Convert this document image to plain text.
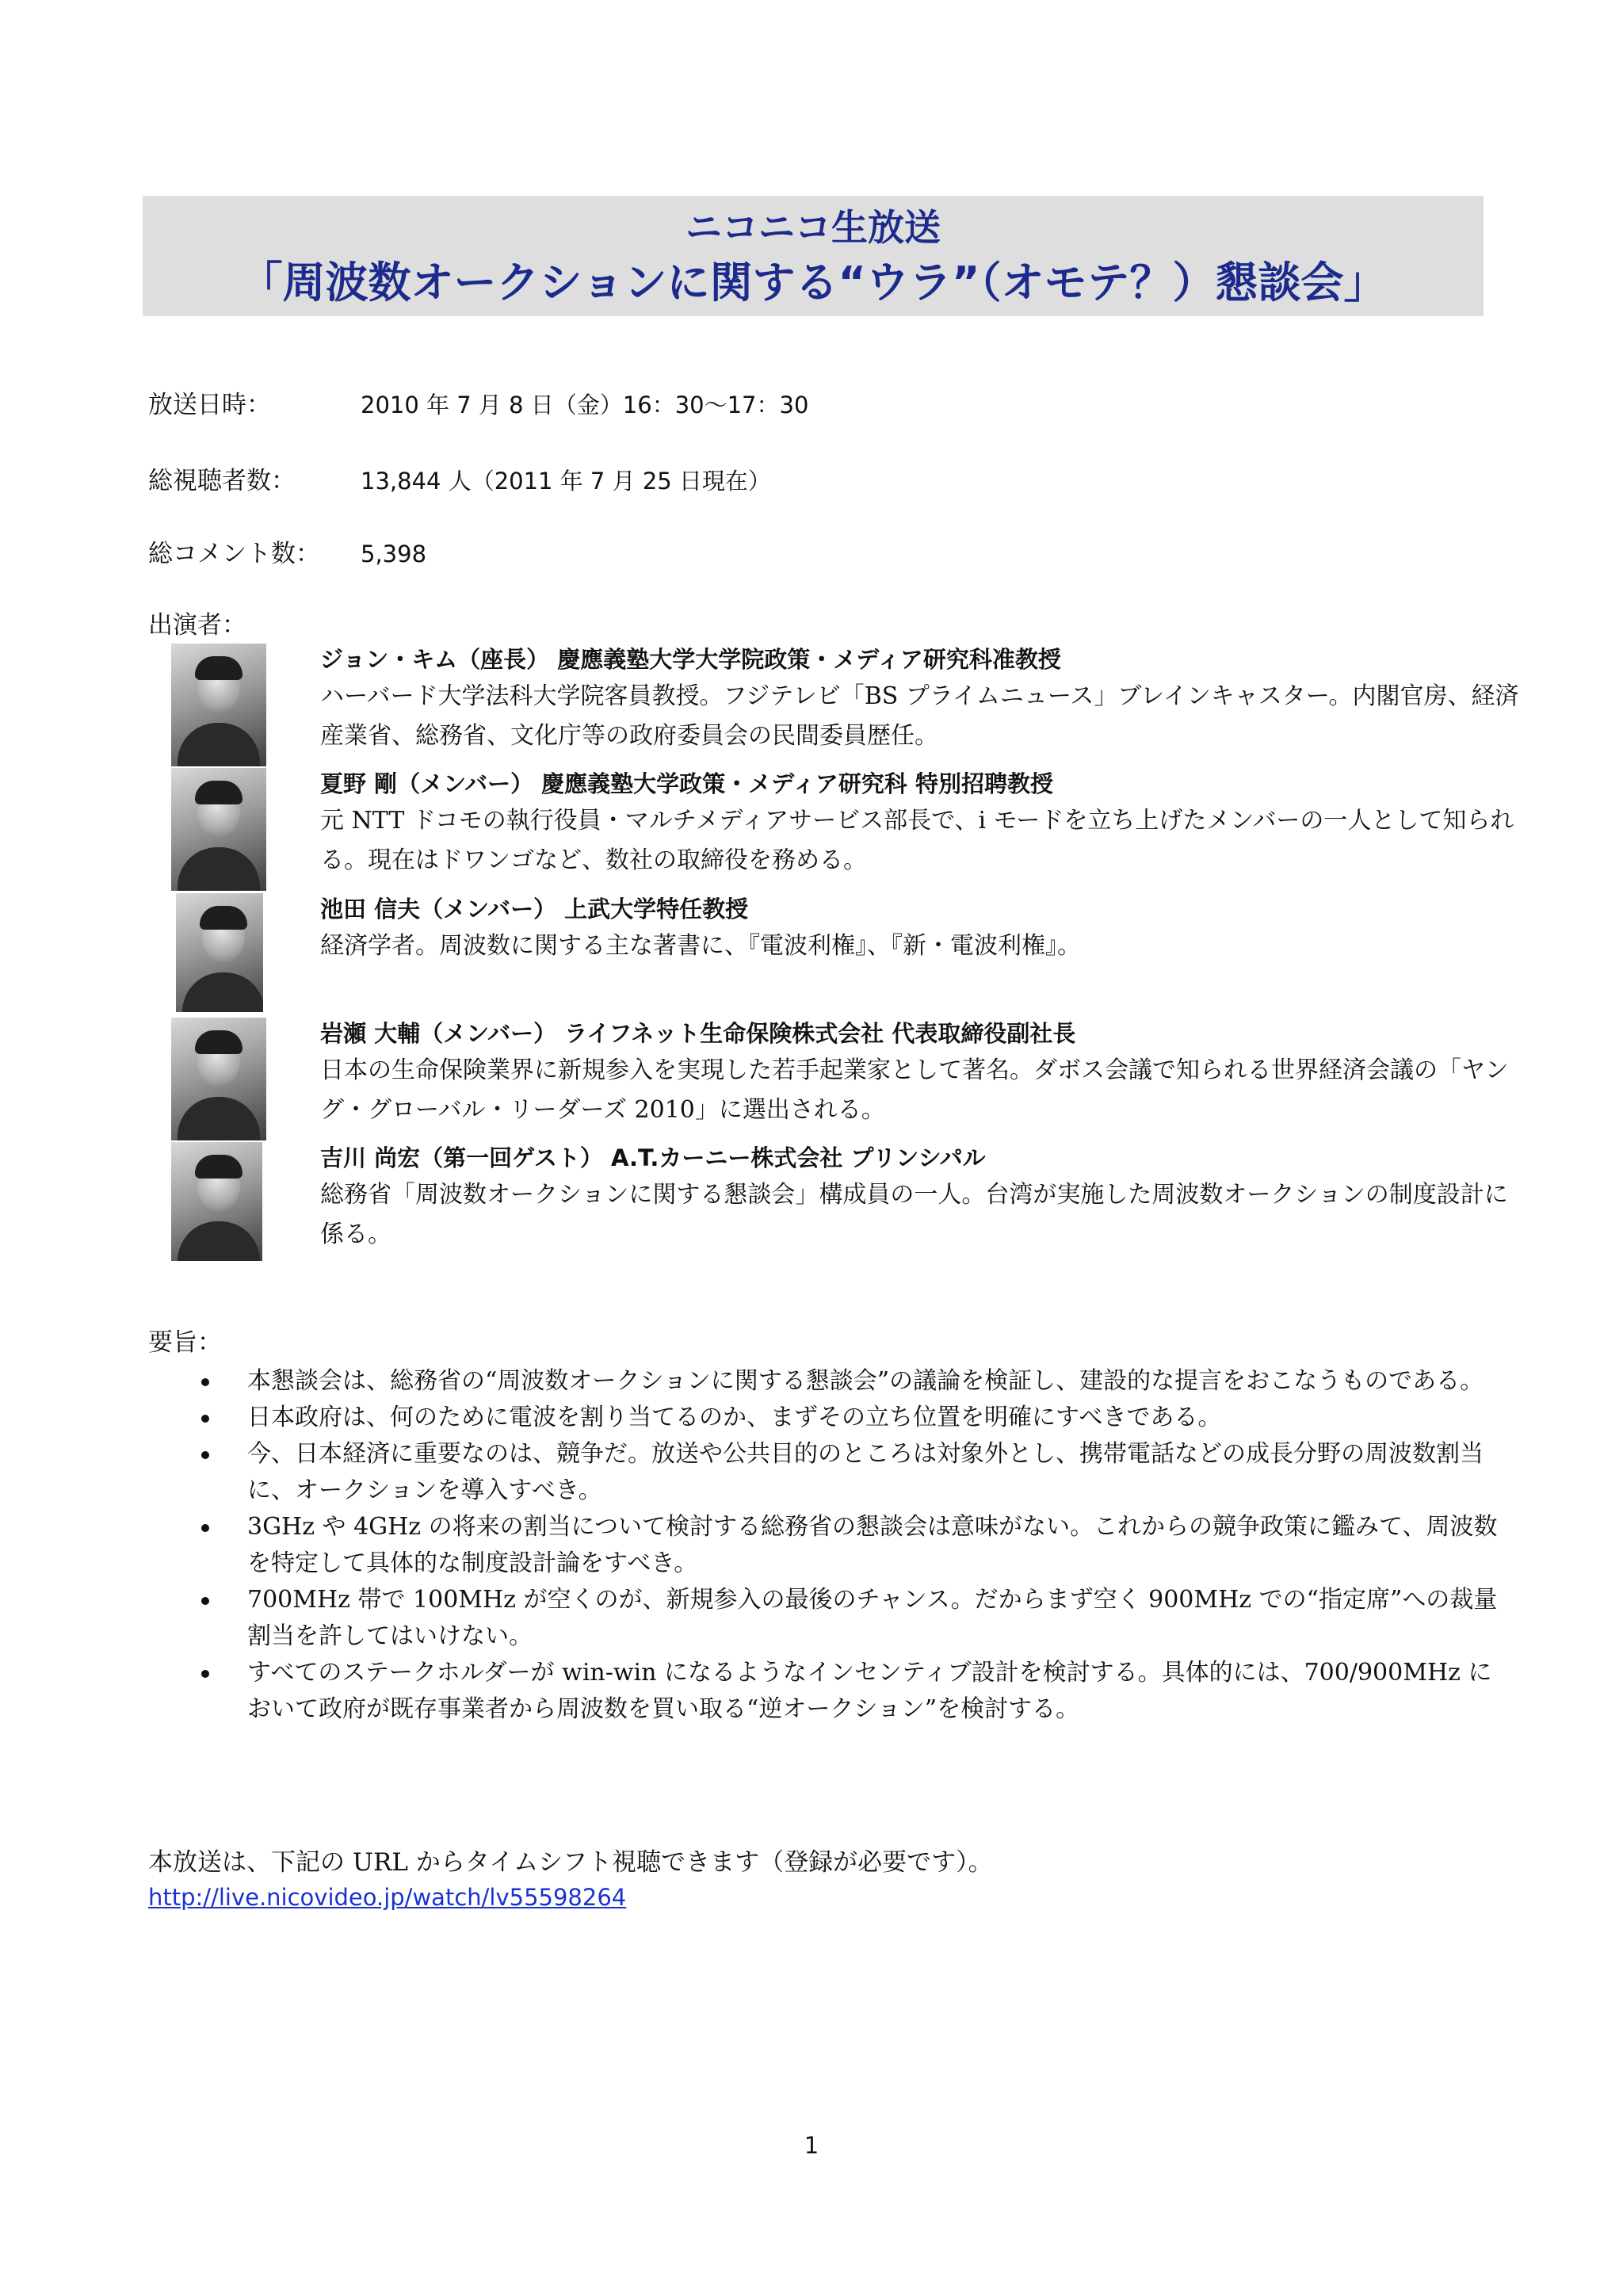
ニコニコ生放送
「周波数オークションに関する“ウラ”（オモテ？）懇談会」
放送日時：	2010 年 7 月 8 日（金）16：30～17：30
総視聴者数：	13,844 人（2011 年 7 月 25 日現在）
総コメント数： 5,398
出演者：
ジョン・キム（座長） 慶應義塾大学大学院政策・メディア研究科准教授
ハーバード大学法科大学院客員教授。フジテレビ「BS プライムニュース」ブレインキャスター。内閣官房、経済産業省、総務省、文化庁等の政府委員会の民間委員歴任。
夏野 剛（メンバー） 慶應義塾大学政策・メディア研究科 特別招聘教授
元 NTT ドコモの執行役員・マルチメディアサービス部長で、i モードを立ち上げたメンバーの一人として知られる。現在はドワンゴなど、数社の取締役を務める。
池田 信夫（メンバー） 上武大学特任教授
経済学者。周波数に関する主な著書に、『電波利権』、『新・電波利権』。
岩瀬 大輔（メンバー） ライフネット生命保険株式会社 代表取締役副社長
日本の生命保険業界に新規参入を実現した若手起業家として著名。ダボス会議で知られる世界経済会議の「ヤング・グローバル・リーダーズ 2010」に選出される。
吉川 尚宏（第一回ゲスト） A.T.カーニー株式会社 プリンシパル
総務省「周波数オークションに関する懇談会」構成員の一人。台湾が実施した周波数オークションの制度設計に係る。
要旨：
本懇談会は、総務省の“周波数オークションに関する懇談会”の議論を検証し、建設的な提言をおこなうものである。
日本政府は、何のために電波を割り当てるのか、まずその立ち位置を明確にすべきである。
今、日本経済に重要なのは、競争だ。放送や公共目的のところは対象外とし、携帯電話などの成長分野の周波数割当に、オークションを導入すべき。
3GHz や 4GHz の将来の割当について検討する総務省の懇談会は意味がない。これからの競争政策に鑑みて、周波数を特定して具体的な制度設計論をすべき。
700MHz 帯で 100MHz が空くのが、新規参入の最後のチャンス。だからまず空く 900MHz での“指定席”への裁量割当を許してはいけない。
すべてのステークホルダーが win-win になるようなインセンティブ設計を検討する。具体的には、700/900MHz において政府が既存事業者から周波数を買い取る“逆オークション”を検討する。
本放送は、下記の URL からタイムシフト視聴できます（登録が必要です）。
http://live.nicovideo.jp/watch/lv55598264
1
